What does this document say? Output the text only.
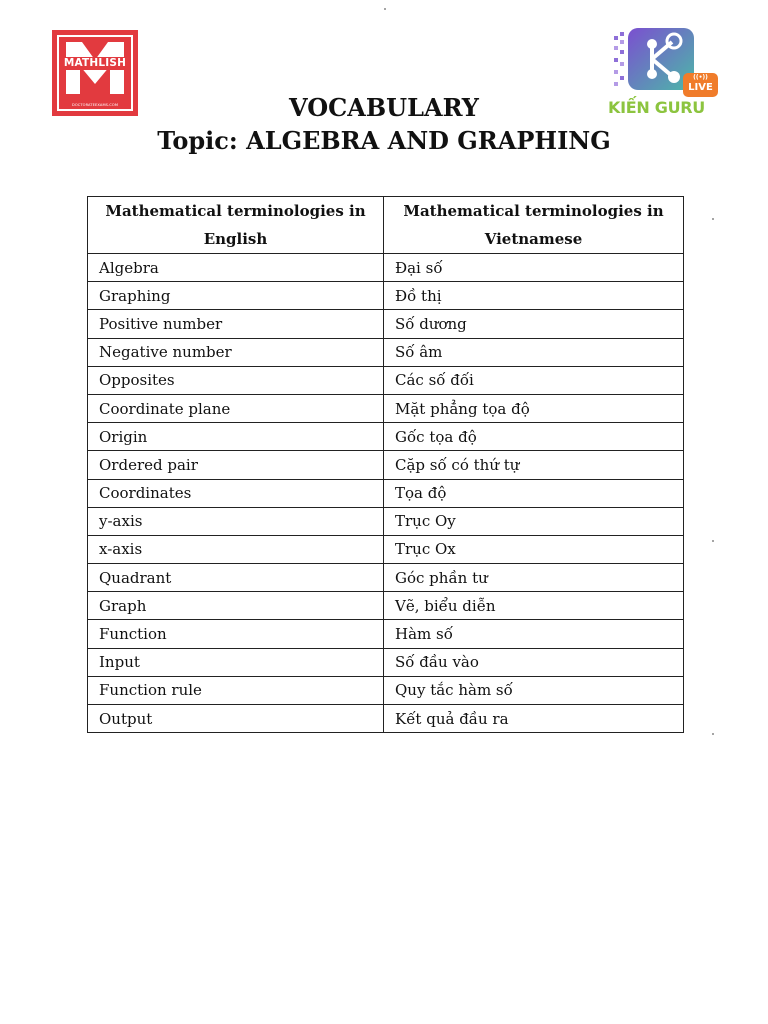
MATHLISH
DOCTORATEEXAMS.COM
((•))
LIVE
KIẾN GURU
VOCABULARY
Topic: ALGEBRA AND GRAPHING
Mathematical terminologies in English	Mathematical terminologies in Vietnamese
Algebra	Đại số
Graphing	Đồ thị
Positive number	Số dương
Negative number	Số âm
Opposites	Các số đối
Coordinate plane	Mặt phẳng tọa độ
Origin	Gốc tọa độ
Ordered pair	Cặp số có thứ tự
Coordinates	Tọa độ
y-axis	Trục Oy
x-axis	Trục Ox
Quadrant	Góc phần tư
Graph	Vẽ, biểu diễn
Function	Hàm số
Input	Số đầu vào
Function rule	Quy tắc hàm số
Output	Kết quả đầu ra
